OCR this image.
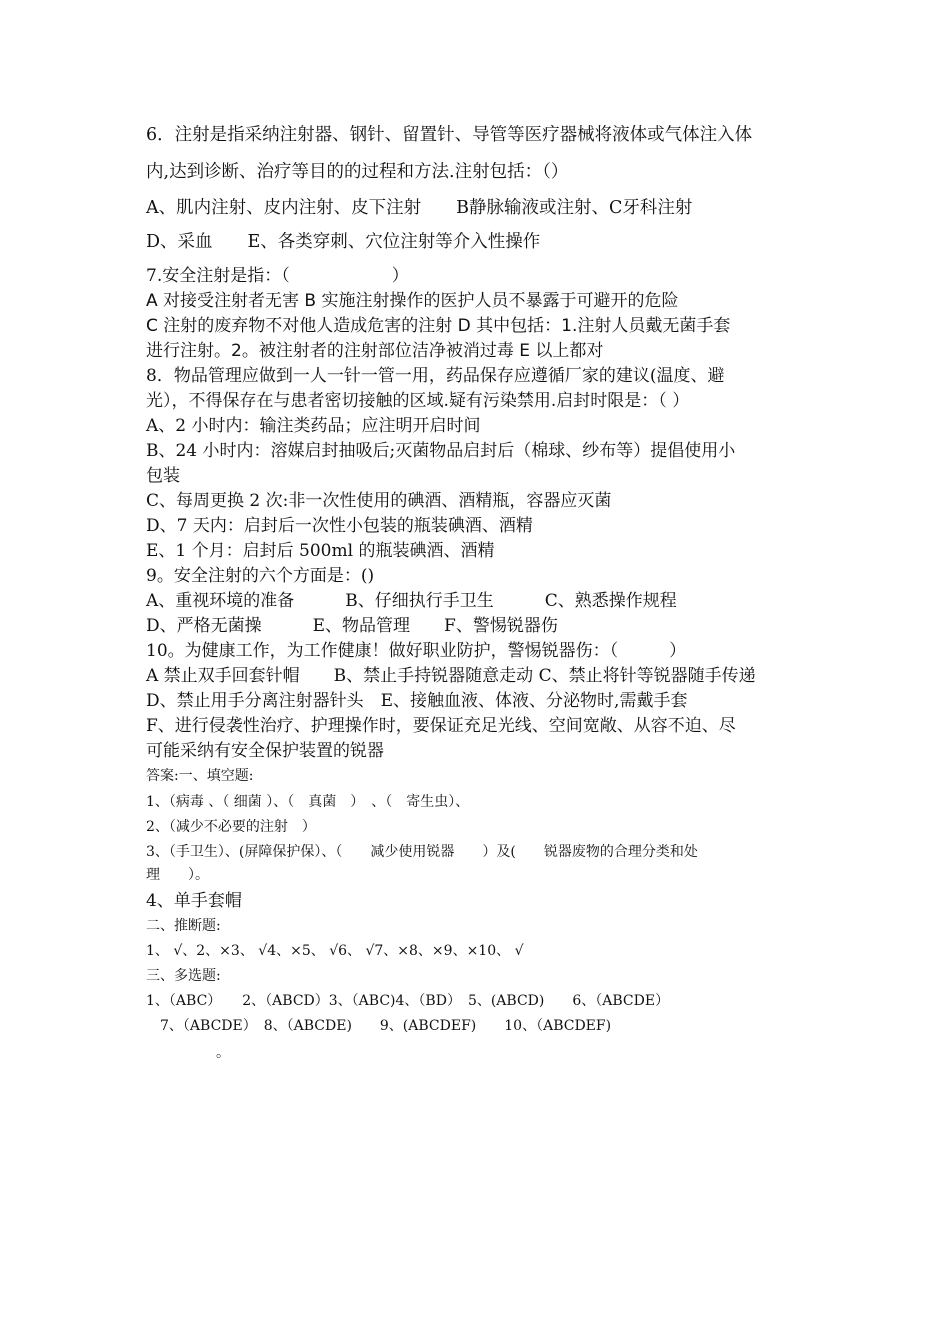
6．注射是指采纳注射器、钢针、留置针、导管等医疗器械将液体或气体注入体
内,达到诊断、治疗等目的的过程和方法.注射包括：（）
A、肌内注射、皮内注射、皮下注射　　B静脉输液或注射、C牙科注射
D、采血　　E、各类穿刺、穴位注射等介入性操作
7.安全注射是指：（　　　　　　）
A 对接受注射者无害 B 实施注射操作的医护人员不暴露于可避开的危险
C 注射的废弃物不对他人造成危害的注射 D 其中包括：1.注射人员戴无菌手套
进行注射。2。被注射者的注射部位洁净被消过毒 E 以上都对
8．物品管理应做到一人一针一管一用，药品保存应遵循厂家的建议(温度、避
光），不得保存在与患者密切接触的区域.疑有污染禁用.启封时限是：（ ）
A、2 小时内：输注类药品；应注明开启时间
B、24 小时内：溶媒启封抽吸后;灭菌物品启封后（棉球、纱布等）提倡使用小
包装
C、每周更换 2 次:非一次性使用的碘酒、酒精瓶，容器应灭菌
D、7 天内：启封后一次性小包装的瓶装碘酒、酒精
E、1 个月：启封后 500ml 的瓶装碘酒、酒精
9。安全注射的六个方面是：()
A、重视环境的准备　　　B、仔细执行手卫生　　　C、熟悉操作规程
D、严格无菌操　　　E、物品管理　　F、警惕锐器伤
10。为健康工作，为工作健康！做好职业防护，警惕锐器伤：（　　　）
A 禁止双手回套针帽　　B、禁止手持锐器随意走动 C、禁止将针等锐器随手传递
D、禁止用手分离注射器针头　E、接触血液、体液、分泌物时,需戴手套
F、进行侵袭性治疗、护理操作时，要保证充足光线、空间宽敞、从容不迫、尽
可能采纳有安全保护装置的锐器
答案:一、填空题:
1、（病毒 、（ 细菌 ）、（　真菌　）　、（　寄生虫）、
2、（减少不必要的注射　）
3、（手卫生）、(屏障保护保）、（　　减少使用锐器　　）及(　　锐器废物的合理分类和处
理　　）。
4、单手套帽
二、推断题:
1、 √、2、×3、 √4、×5、 √6、 √7、×8、×9、×10、 √
三、多选题:
1、（ABC）　　2、（ABCD）3、（ABC)4、（BD）　5、(ABCD)　　6、（ABCDE）
　7、（ABCDE）　8、（ABCDE)　　9、(ABCDEF)　　10、（ABCDEF)
　　　　　。
